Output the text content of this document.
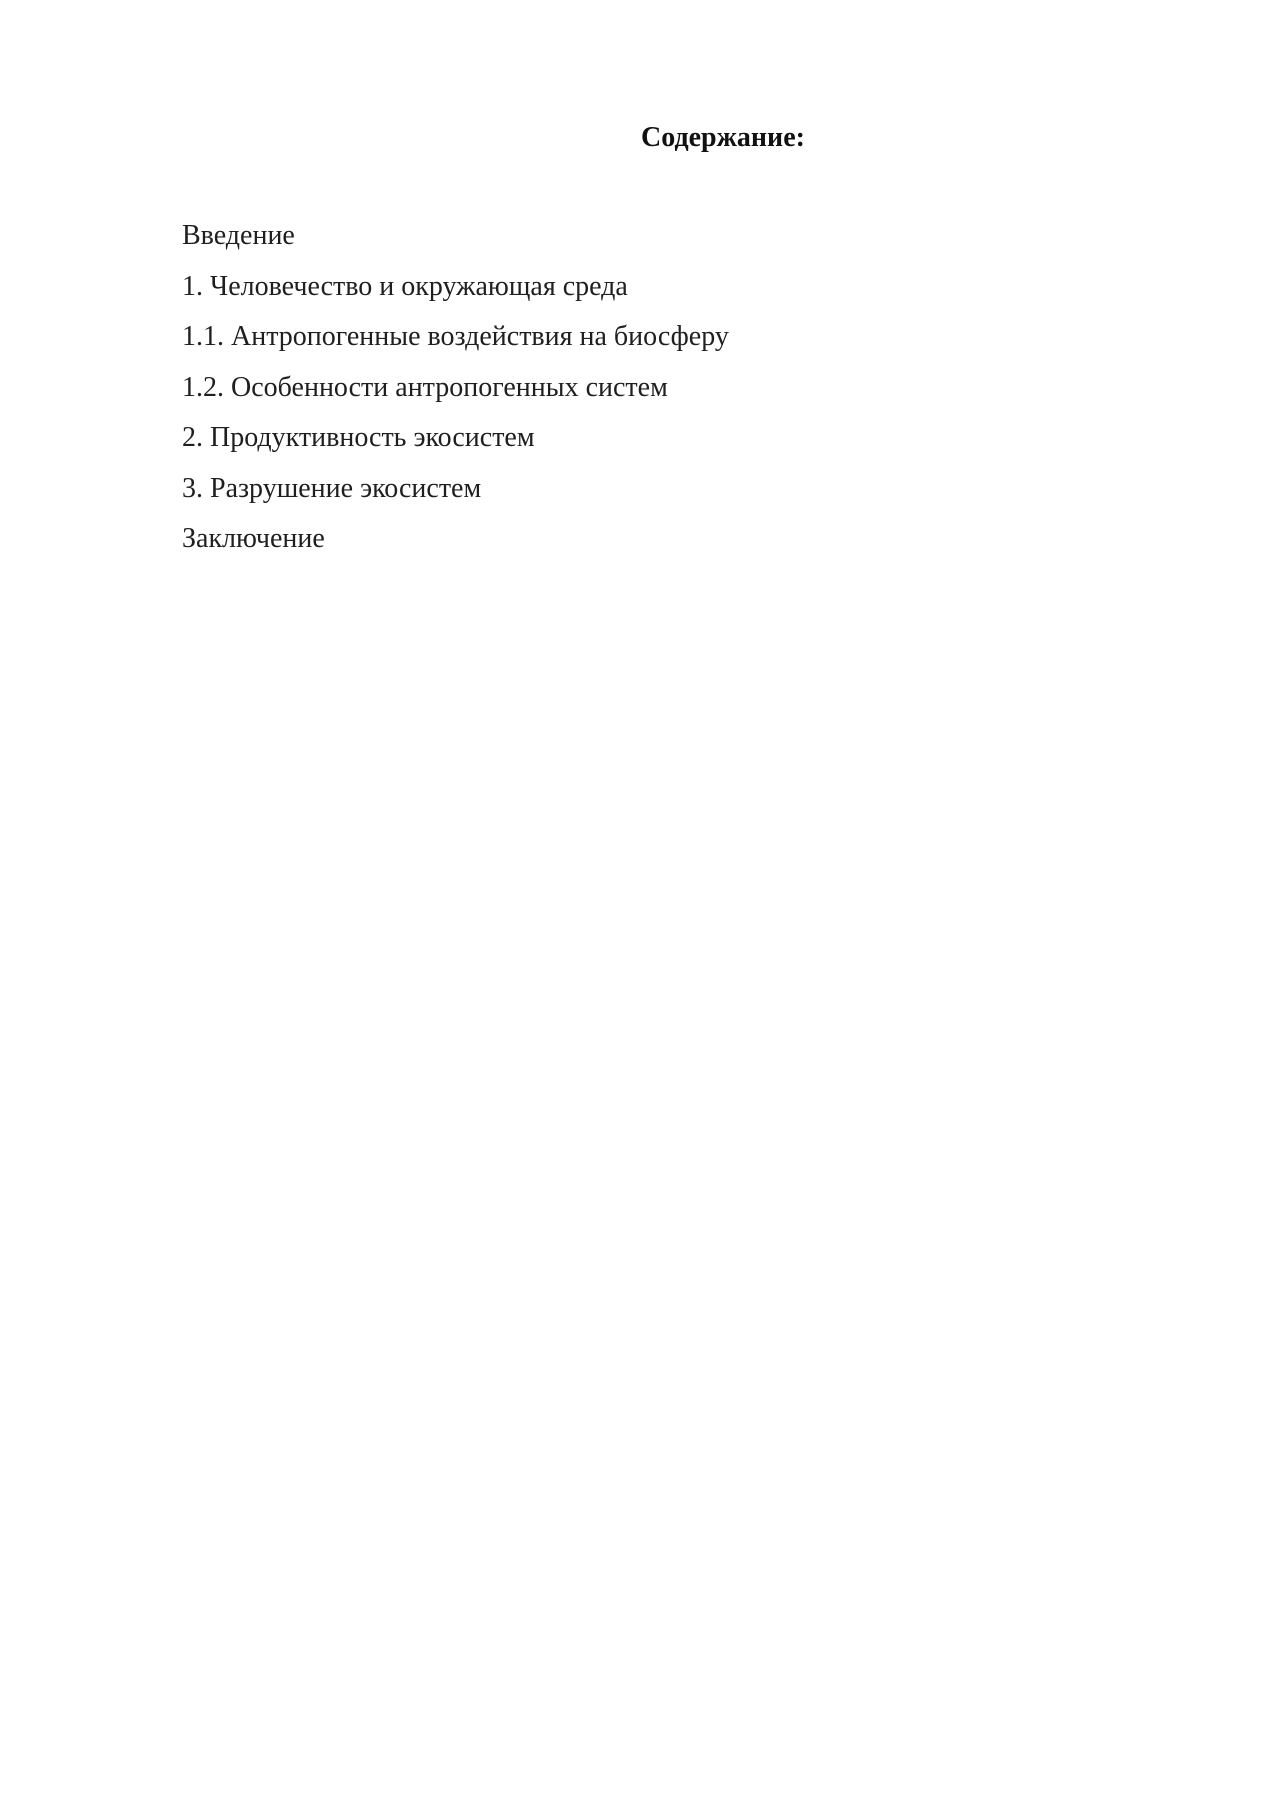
Содержание:
Введение
1. Человечество и окружающая среда
1.1. Антропогенные воздействия на биосферу
1.2. Особенности антропогенных систем
2. Продуктивность экосистем
3. Разрушение экосистем
Заключение
